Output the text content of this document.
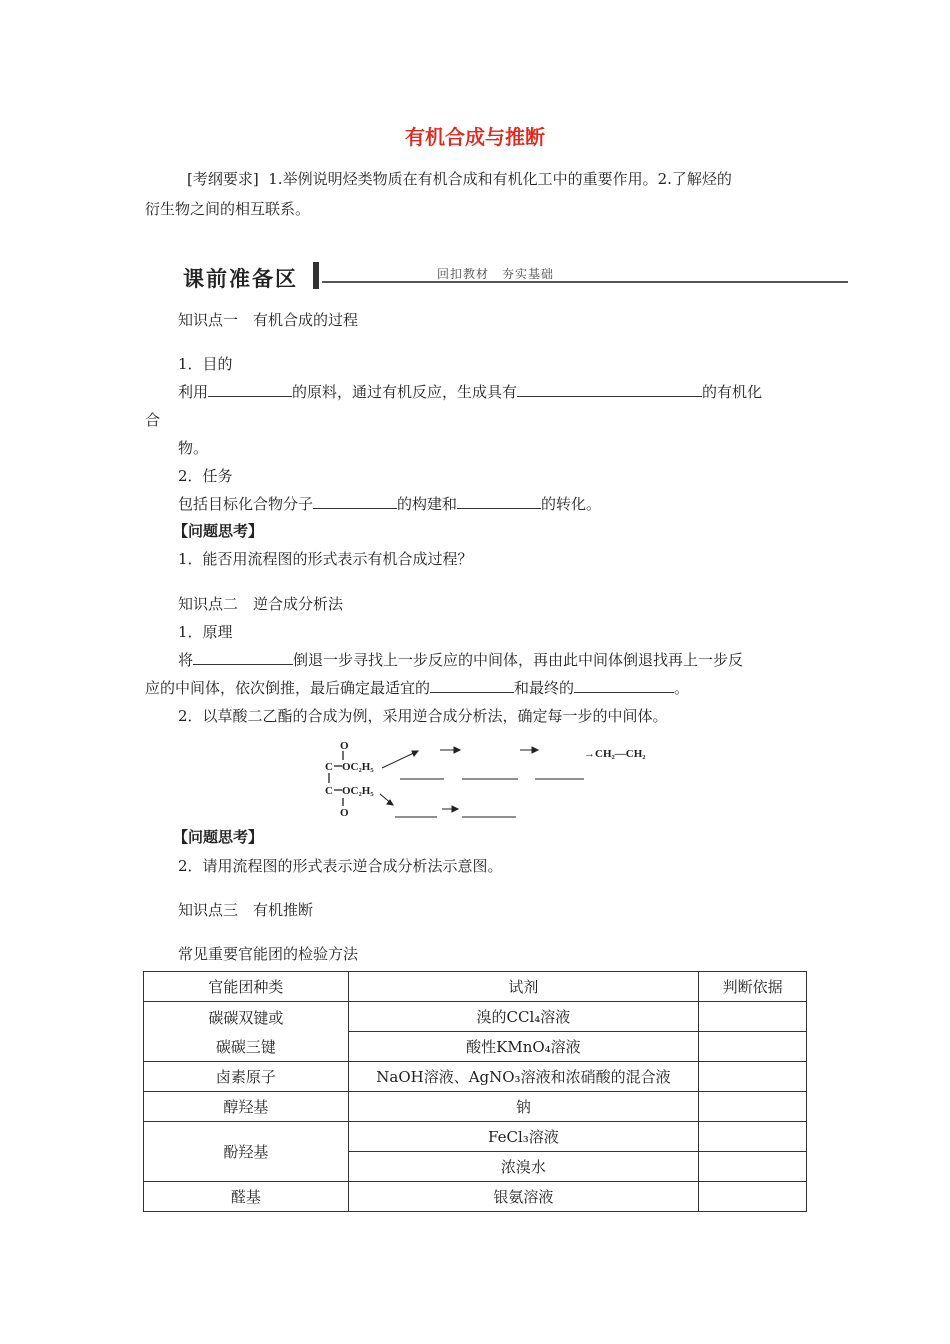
有机合成与推断
[考纲要求] 1.举例说明烃类物质在有机合成和有机化工中的重要作用。2.了解烃的
衍生物之间的相互联系。
课前准备区	回扣教材　夯实基础
知识点一　有机合成的过程
1．目的
利用	的原料，通过有机反应，生成具有	的有机化
合
物。
2．任务
包括目标化合物分子	的构建和	的转化。
【问题思考】
1．能否用流程图的形式表示有机合成过程？
知识点二　逆合成分析法
1．原理
将	倒退一步寻找上一步反应的中间体，再由此中间体倒退找再上一步反
应的中间体，依次倒推，最后确定最适宜的	和最终的	。
2．以草酸二乙酯的合成为例，采用逆合成分析法，确定每一步的中间体。
O
C OC₂H₅
C OC₂H₅
O
→CH₂—CH₂
【问题思考】
2．请用流程图的形式表示逆合成分析法示意图。
知识点三　有机推断
常见重要官能团的检验方法
官能团种类	试剂	判断依据

碳碳双键或
碳碳三键	溴的CCl₄溶液	
	酸性KMnO₄溶液	
卤素原子	NaOH溶液、AgNO₃溶液和浓硝酸的混合液	
醇羟基	钠	
酚羟基	FeCl₃溶液	
	浓溴水	
醛基	银氨溶液	
